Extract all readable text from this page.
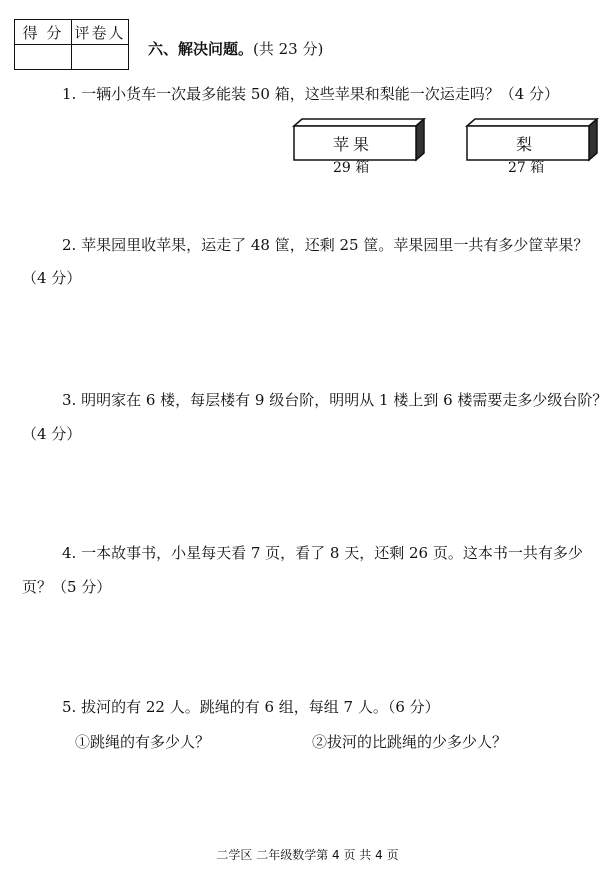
得 分	评卷人

六、解决问题。(共 23 分)
1. 一辆小货车一次最多能装 50 箱，这些苹果和梨能一次运走吗？（4 分）
苹果
29 箱
梨
27 箱
2. 苹果园里收苹果，运走了 48 筐，还剩 25 筐。苹果园里一共有多少筐苹果？
（4 分）
3. 明明家在 6 楼，每层楼有 9 级台阶，明明从 1 楼上到 6 楼需要走多少级台阶？
（4 分）
4. 一本故事书，小星每天看 7 页，看了 8 天，还剩 26 页。这本书一共有多少
页？（5 分）
5. 拔河的有 22 人。跳绳的有 6 组，每组 7 人。（6 分）
①跳绳的有多少人？	②拔河的比跳绳的少多少人？
二学区 二年级数学第 4 页 共 4 页
